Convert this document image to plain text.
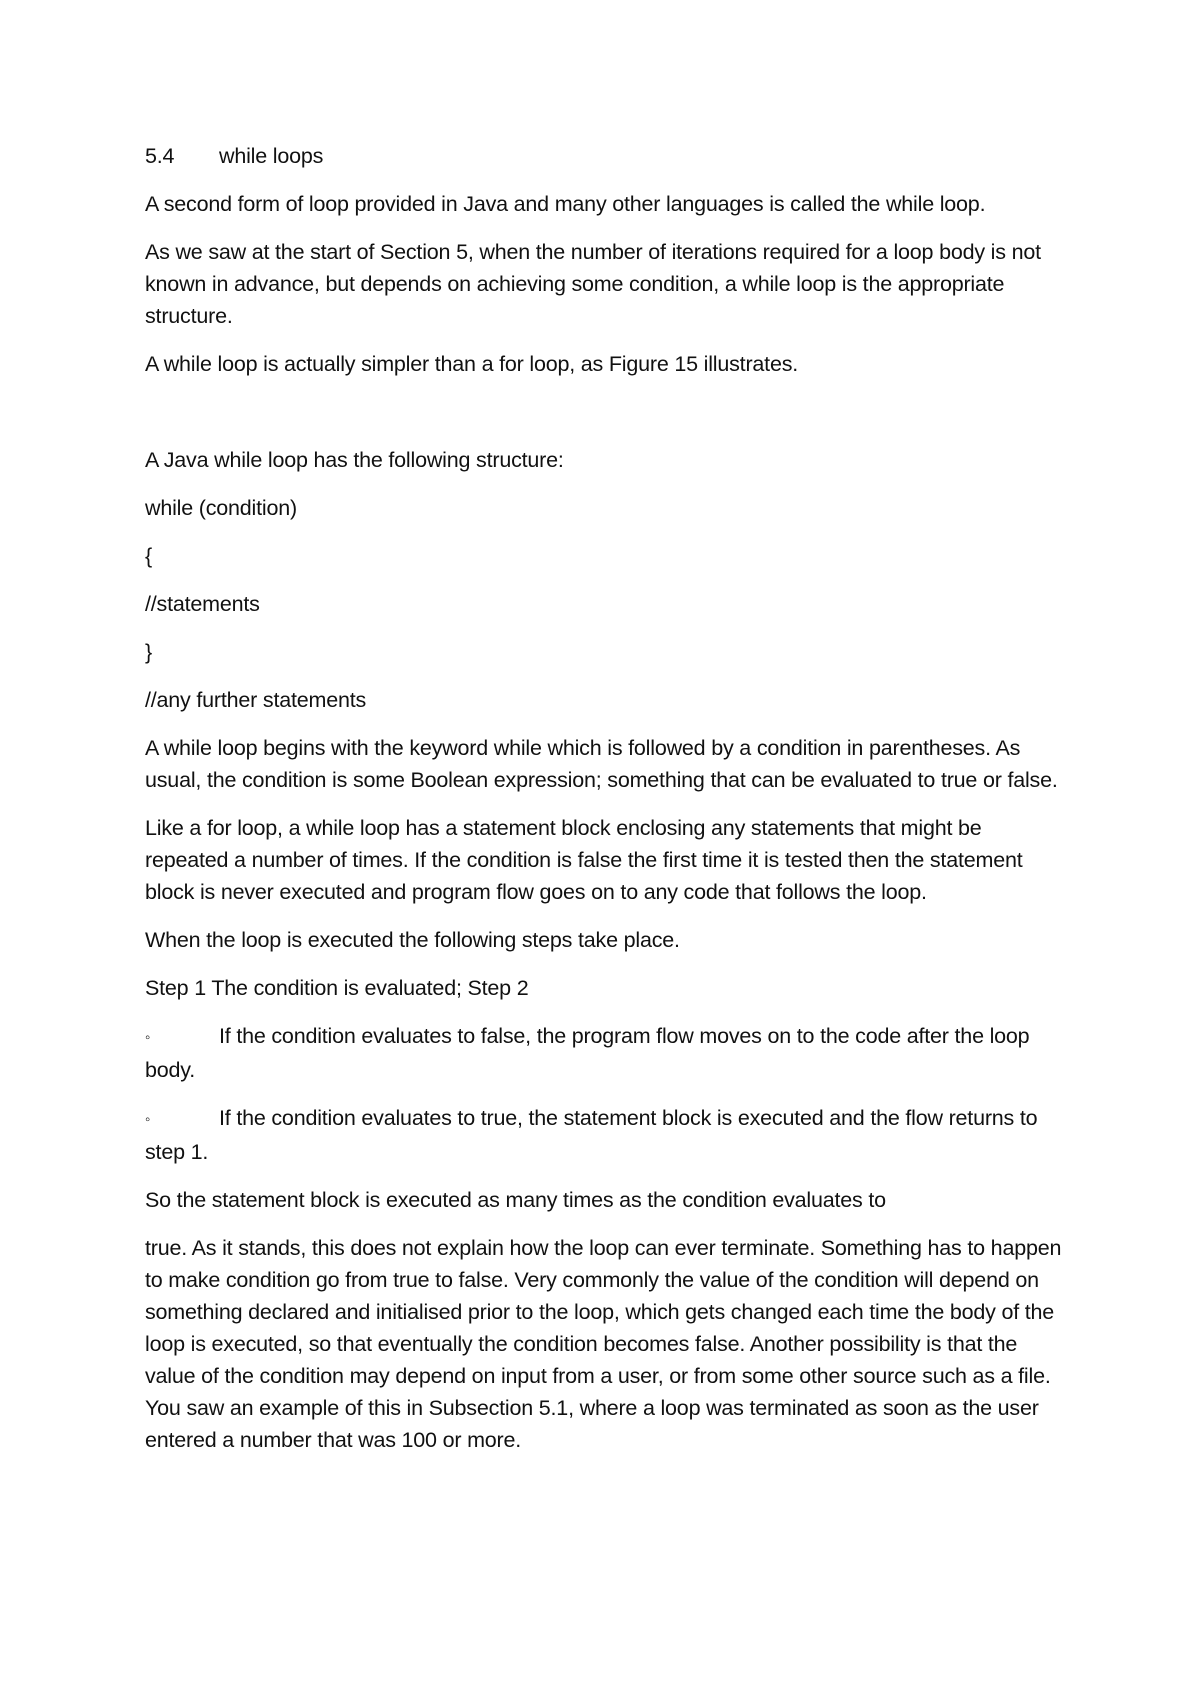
5.4	while loops

A second form of loop provided in Java and many other languages is called the while loop.

As we saw at the start of Section 5, when the number of iterations required for a loop body is not known in advance, but depends on achieving some condition, a while loop is the appropriate structure.

A while loop is actually simpler than a for loop, as Figure 15 illustrates.

A Java while loop has the following structure:

while (condition)
{
//statements
}
//any further statements

A while loop begins with the keyword while which is followed by a condition in parentheses. As usual, the condition is some Boolean expression; something that can be evaluated to true or false.

Like a for loop, a while loop has a statement block enclosing any statements that might be repeated a number of times. If the condition is false the first time it is tested then the statement block is never executed and program flow goes on to any code that follows the loop.

When the loop is executed the following steps take place.

Step 1 The condition is evaluated; Step 2

◦	If the condition evaluates to false, the program flow moves on to the code after the loop body.
◦	If the condition evaluates to true, the statement block is executed and the flow returns to step 1.

So the statement block is executed as many times as the condition evaluates to

true. As it stands, this does not explain how the loop can ever terminate. Something has to happen to make condition go from true to false. Very commonly the value of the condition will depend on something declared and initialised prior to the loop, which gets changed each time the body of the loop is executed, so that eventually the condition becomes false. Another possibility is that the value of the condition may depend on input from a user, or from some other source such as a file. You saw an example of this in Subsection 5.1, where a loop was terminated as soon as the user entered a number that was 100 or more.
